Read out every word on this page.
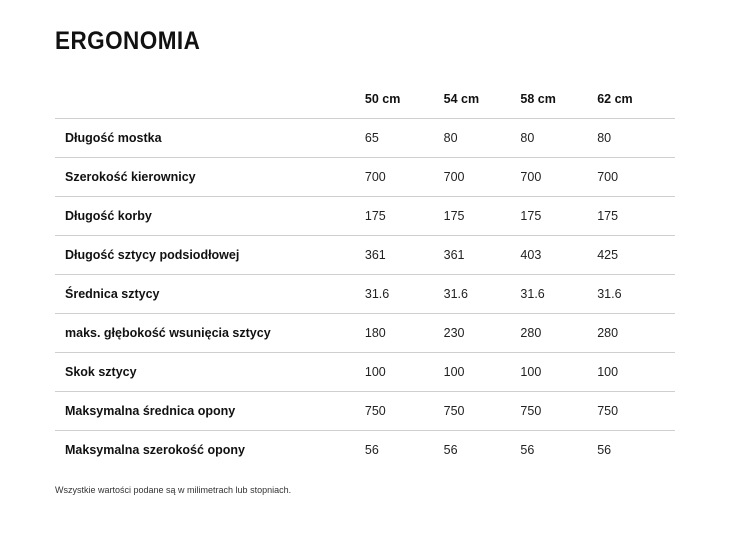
ERGONOMIA
	50 cm	54 cm	58 cm	62 cm
Długość mostka	65	80	80	80
Szerokość kierownicy	700	700	700	700
Długość korby	175	175	175	175
Długość sztycy podsiodłowej	361	361	403	425
Średnica sztycy	31.6	31.6	31.6	31.6
maks. głębokość wsunięcia sztycy	180	230	280	280
Skok sztycy	100	100	100	100
Maksymalna średnica opony	750	750	750	750
Maksymalna szerokość opony	56	56	56	56
Wszystkie wartości podane są w milimetrach lub stopniach.
